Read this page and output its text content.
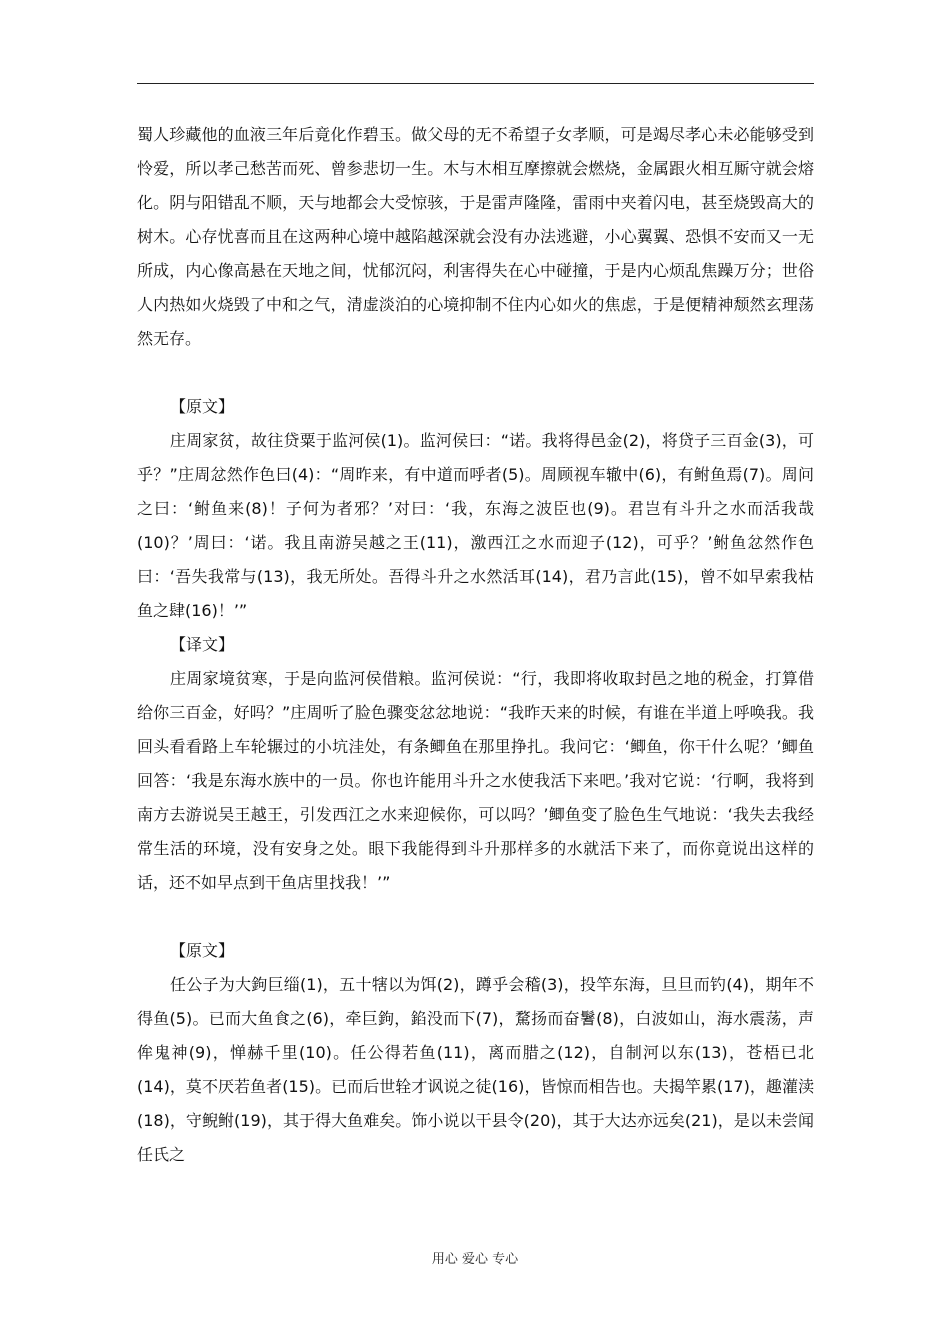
蜀人珍藏他的血液三年后竟化作碧玉。做父母的无不希望子女孝顺，可是竭尽孝心未必能够受到怜爱，所以孝己愁苦而死、曾参悲切一生。木与木相互摩擦就会燃烧，金属跟火相互厮守就会熔化。阴与阳错乱不顺，天与地都会大受惊骇，于是雷声隆隆，雷雨中夹着闪电，甚至烧毁高大的树木。心存忧喜而且在这两种心境中越陷越深就会没有办法逃避，小心翼翼、恐惧不安而又一无所成，内心像高悬在天地之间，忧郁沉闷，利害得失在心中碰撞，于是内心烦乱焦躁万分；世俗人内热如火烧毁了中和之气，清虚淡泊的心境抑制不住内心如火的焦虑，于是便精神颓然玄理荡然无存。

【原文】

庄周家贫，故往贷粟于监河侯(1)。监河侯曰：“诺。我将得邑金(2)，将贷子三百金(3)，可乎？”庄周忿然作色曰(4)：“周昨来，有中道而呼者(5)。周顾视车辙中(6)，有鲋鱼焉(7)。周问之曰：‘鲋鱼来(8)！子何为者邪？’对曰：‘我，东海之波臣也(9)。君岂有斗升之水而活我哉(10)？’周曰：‘诺。我且南游吴越之王(11)，激西江之水而迎子(12)，可乎？’鲋鱼忿然作色曰：‘吾失我常与(13)，我无所处。吾得斗升之水然活耳(14)，君乃言此(15)，曾不如早索我枯鱼之肆(16)！’”

【译文】

庄周家境贫寒，于是向监河侯借粮。监河侯说：“行，我即将收取封邑之地的税金，打算借给你三百金，好吗？”庄周听了脸色骤变忿忿地说：“我昨天来的时候，有谁在半道上呼唤我。我回头看看路上车轮辗过的小坑洼处，有条鲫鱼在那里挣扎。我问它：‘鲫鱼，你干什么呢？’鲫鱼回答：‘我是东海水族中的一员。你也许能用斗升之水使我活下来吧。’我对它说：‘行啊，我将到南方去游说吴王越王，引发西江之水来迎候你，可以吗？’鲫鱼变了脸色生气地说：‘我失去我经常生活的环境，没有安身之处。眼下我能得到斗升那样多的水就活下来了，而你竟说出这样的话，还不如早点到干鱼店里找我！’”

【原文】

任公子为大鉤巨缁(1)，五十犗以为饵(2)，蹲乎会稽(3)，投竿东海，旦旦而钓(4)，期年不得鱼(5)。已而大鱼食之(6)，牵巨鉤，錎没而下(7)，騖扬而奋鬐(8)，白波如山，海水震荡，声侔鬼神(9)，惮赫千里(10)。任公得若鱼(11)，离而腊之(12)，自制河以东(13)，苍梧已北(14)，莫不厌若鱼者(15)。已而后世辁才讽说之徒(16)，皆惊而相告也。夫揭竿累(17)，趣灌渎(18)，守鲵鲋(19)，其于得大鱼难矣。饰小说以干县令(20)，其于大达亦远矣(21)，是以未尝闻任氏之

用心 爱心 专心
